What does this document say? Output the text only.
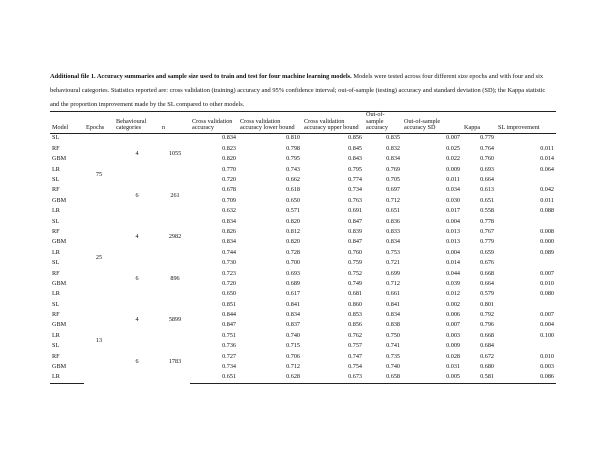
Additional file 1. Accuracy summaries and sample size used to train and test for four machine learning models. Models were tested across four different size epochs and with four and six behavioural categories. Statistics reported are: cross validation (training) accuracy and 95% confidence interval; out-of-sample (testing) accuracy and standard deviation (SD); the Kappa statistic and the proportion improvement made by the SL compared to other models.
Model	Epochs	Behavioural categories	n	Cross validation accuracy	Cross validation accuracy lower bound	Cross validation accuracy upper bound	Out-of-sample accuracy	Out-of-sample accuracy SD	Kappa	SL improvement
SL	75	4	1055	0.834	0.810	0.856	0.835	0.007	0.779	
RF				0.823	0.798	0.845	0.832	0.025	0.764	0.011
GBM				0.820	0.795	0.843	0.834	0.022	0.760	0.014
LR				0.770	0.743	0.795	0.769	0.009	0.693	0.064
SL		6	261	0.720	0.662	0.774	0.705	0.011	0.664	
RF				0.678	0.618	0.734	0.697	0.034	0.613	0.042
GBM				0.709	0.650	0.763	0.712	0.030	0.651	0.011
LR				0.632	0.571	0.691	0.651	0.017	0.558	0.088
SL	25	4	2982	0.834	0.820	0.847	0.836	0.004	0.778	
RF				0.826	0.812	0.839	0.833	0.013	0.767	0.008
GBM				0.834	0.820	0.847	0.834	0.013	0.779	0.000
LR				0.744	0.728	0.760	0.753	0.004	0.659	0.089
SL		6	896	0.730	0.700	0.759	0.721	0.014	0.676	
RF				0.723	0.693	0.752	0.699	0.044	0.668	0.007
GBM				0.720	0.689	0.749	0.712	0.039	0.664	0.010
LR				0.650	0.617	0.681	0.661	0.012	0.579	0.080
SL	13	4	5899	0.851	0.841	0.860	0.841	0.002	0.801	
RF				0.844	0.834	0.853	0.834	0.006	0.792	0.007
GBM				0.847	0.837	0.856	0.838	0.007	0.796	0.004
LR				0.751	0.740	0.762	0.750	0.003	0.668	0.100
SL		6	1783	0.736	0.715	0.757	0.741	0.009	0.684	
RF				0.727	0.706	0.747	0.735	0.028	0.672	0.010
GBM				0.734	0.712	0.754	0.740	0.031	0.680	0.003
LR				0.651	0.628	0.673	0.658	0.005	0.581	0.086
